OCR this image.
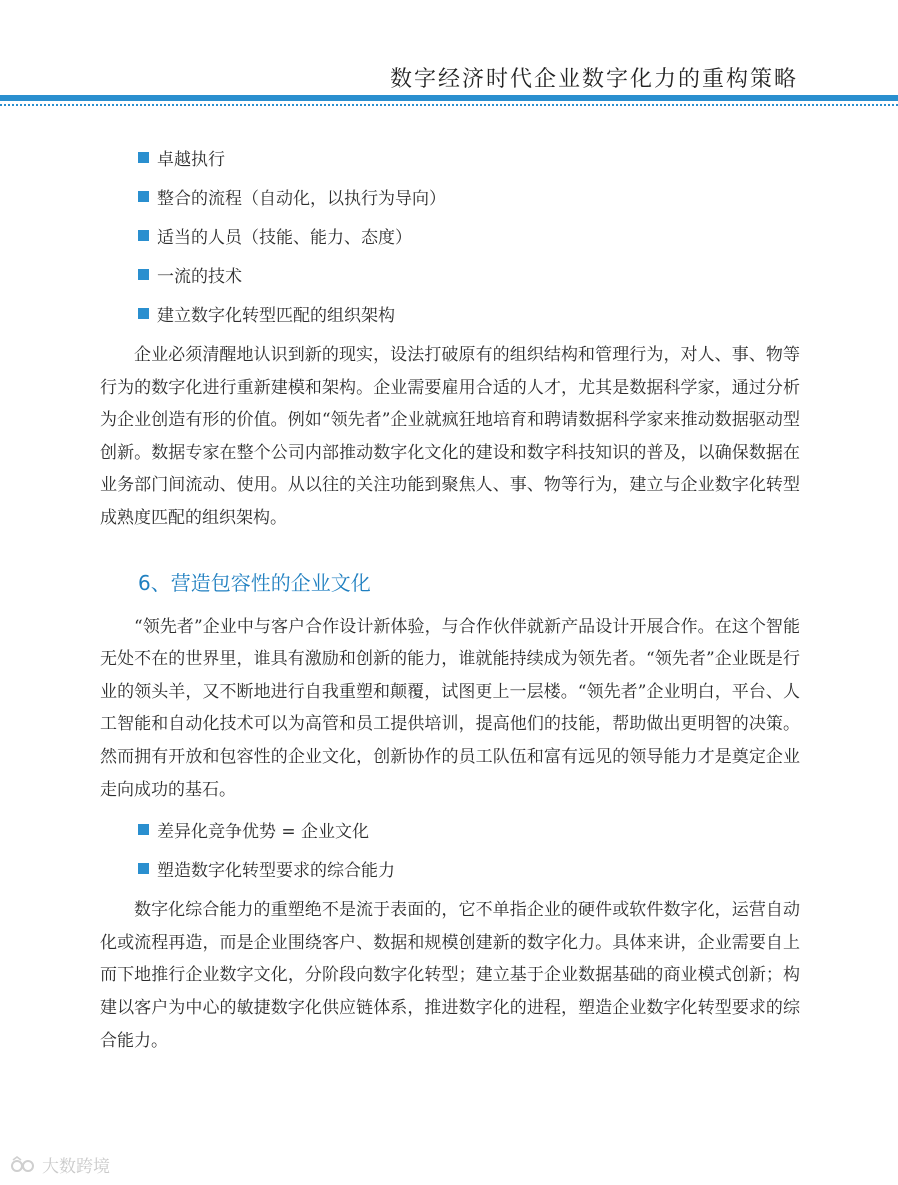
数字经济时代企业数字化力的重构策略
卓越执行
整合的流程（自动化，以执行为导向）
适当的人员（技能、能力、态度）
一流的技术
建立数字化转型匹配的组织架构

企业必须清醒地认识到新的现实，设法打破原有的组织结构和管理行为，对人、事、物等行为的数字化进行重新建模和架构。企业需要雇用合适的人才，尤其是数据科学家，通过分析为企业创造有形的价值。例如“领先者”企业就疯狂地培育和聘请数据科学家来推动数据驱动型创新。数据专家在整个公司内部推动数字化文化的建设和数字科技知识的普及，以确保数据在业务部门间流动、使用。从以往的关注功能到聚焦人、事、物等行为，建立与企业数字化转型成熟度匹配的组织架构。

6、营造包容性的企业文化

“领先者”企业中与客户合作设计新体验，与合作伙伴就新产品设计开展合作。在这个智能无处不在的世界里，谁具有激励和创新的能力，谁就能持续成为领先者。“领先者”企业既是行业的领头羊，又不断地进行自我重塑和颠覆，试图更上一层楼。“领先者”企业明白，平台、人工智能和自动化技术可以为高管和员工提供培训，提高他们的技能，帮助做出更明智的决策。然而拥有开放和包容性的企业文化，创新协作的员工队伍和富有远见的领导能力才是奠定企业走向成功的基石。

差异化竞争优势 = 企业文化
塑造数字化转型要求的综合能力

数字化综合能力的重塑绝不是流于表面的，它不单指企业的硬件或软件数字化，运营自动化或流程再造，而是企业围绕客户、数据和规模创建新的数字化力。具体来讲，企业需要自上而下地推行企业数字文化，分阶段向数字化转型；建立基于企业数据基础的商业模式创新；构建以客户为中心的敏捷数字化供应链体系，推进数字化的进程，塑造企业数字化转型要求的综合能力。

大数跨境
